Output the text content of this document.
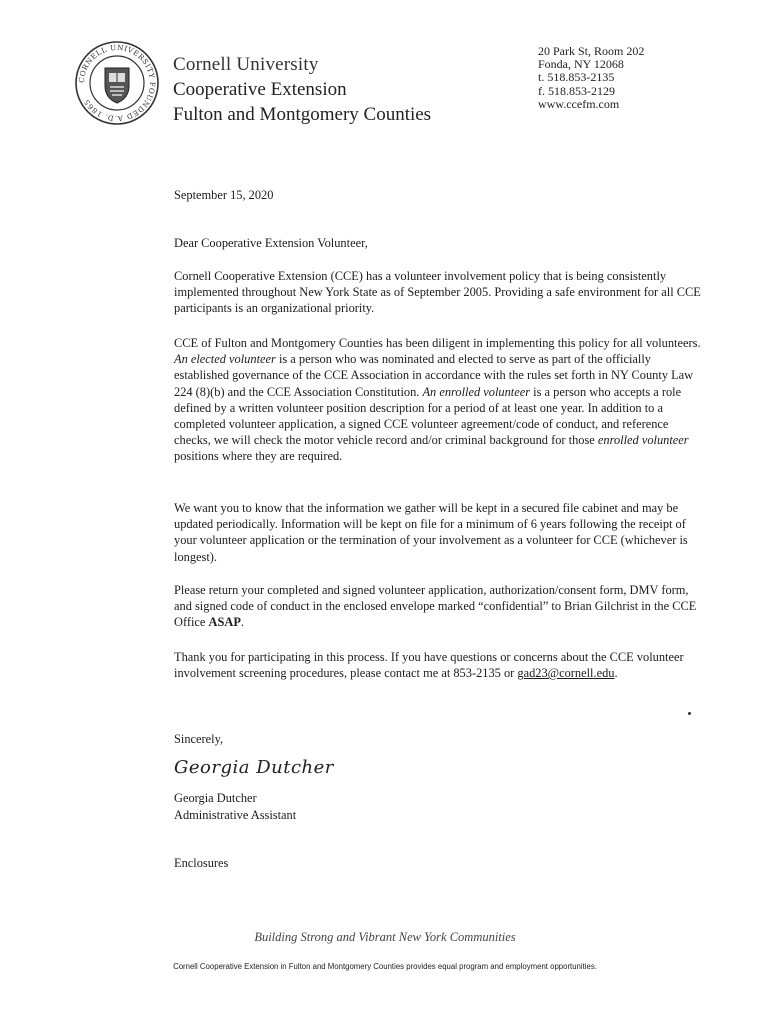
CORNELL UNIVERSITY FOUNDED A.D. 1865
Cornell University
Cooperative Extension
Fulton and Montgomery Counties
20 Park St, Room 202
Fonda, NY 12068
t. 518.853-2135
f. 518.853-2129
www.ccefm.com
September 15, 2020
Dear Cooperative Extension Volunteer,

Cornell Cooperative Extension (CCE) has a volunteer involvement policy that is being consistently implemented throughout New York State as of September 2005. Providing a safe environment for all CCE participants is an organizational priority.

CCE of Fulton and Montgomery Counties has been diligent in implementing this policy for all volunteers. An elected volunteer is a person who was nominated and elected to serve as part of the officially established governance of the CCE Association in accordance with the rules set forth in NY County Law 224 (8)(b) and the CCE Association Constitution. An enrolled volunteer is a person who accepts a role defined by a written volunteer position description for a period of at least one year. In addition to a completed volunteer application, a signed CCE volunteer agreement/code of conduct, and reference checks, we will check the motor vehicle record and/or criminal background for those enrolled volunteer positions where they are required.

We want you to know that the information we gather will be kept in a secured file cabinet and may be updated periodically. Information will be kept on file for a minimum of 6 years following the receipt of your volunteer application or the termination of your involvement as a volunteer for CCE (whichever is longest).

Please return your completed and signed volunteer application, authorization/consent form, DMV form, and signed code of conduct in the enclosed envelope marked “confidential” to Brian Gilchrist in the CCE Office ASAP.

Thank you for participating in this process. If you have questions or concerns about the CCE volunteer involvement screening procedures, please contact me at 853-2135 or gad23@cornell.edu.

Sincerely,
Georgia Dutcher
Georgia Dutcher
Administrative Assistant
Enclosures
Building Strong and Vibrant New York Communities
Cornell Cooperative Extension in Fulton and Montgomery Counties provides equal program and employment opportunities.
